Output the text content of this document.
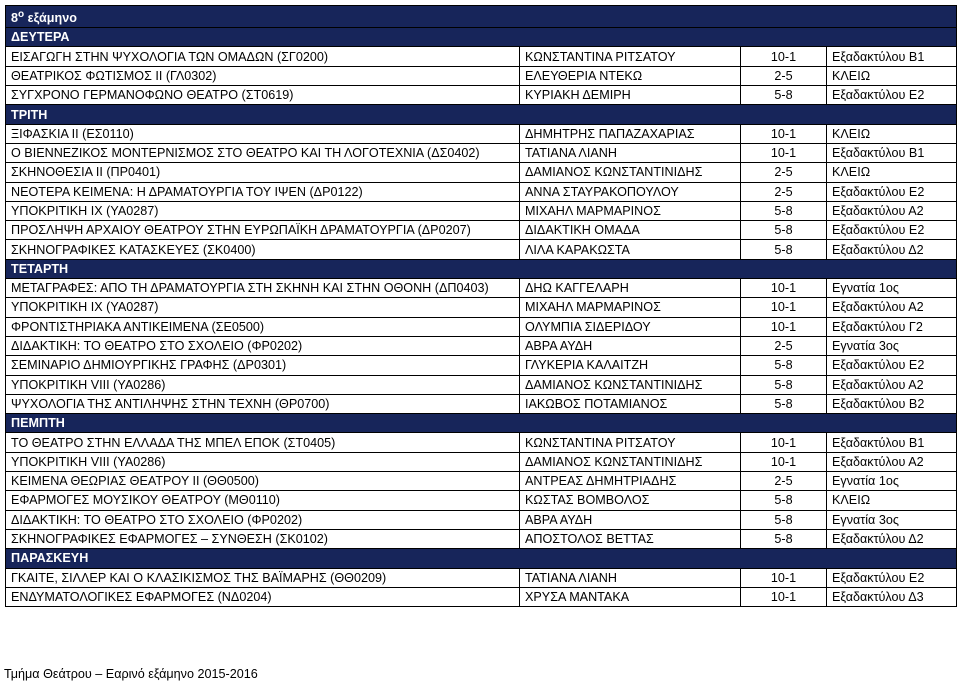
$8^o$ εξάμηνο			
ΔΕΥΤΕΡΑ			
ΕΙΣΑΓΩΓΗ ΣΤΗΝ ΨΥΧΟΛΟΓΙΑ ΤΩΝ ΟΜΑΔΩΝ (ΣΓ0200)	ΚΩΝΣΤΑΝΤΙΝΑ ΡΙΤΣΑΤΟΥ	10-1	Εξαδακτύλου Β1
ΘΕΑΤΡΙΚΟΣ ΦΩΤΙΣΜΟΣ ΙΙ (ΓΛ0302)	ΕΛΕΥΘΕΡΙΑ ΝΤΕΚΩ	2-5	ΚΛΕΙΩ
ΣΥΓΧΡΟΝΟ ΓΕΡΜΑΝΟΦΩΝΟ ΘΕΑΤΡΟ (ΣΤ0619)	ΚΥΡΙΑΚΗ ΔΕΜΙΡΗ	5-8	Εξαδακτύλου Ε2
ΤΡΙΤΗ			
ΞΙΦΑΣΚΙΑ ΙΙ (ΕΣ0110)	ΔΗΜΗΤΡΗΣ ΠΑΠΑΖΑΧΑΡΙΑΣ	10-1	ΚΛΕΙΩ
Ο ΒΙΕΝΝΕΖΙΚΟΣ ΜΟΝΤΕΡΝΙΣΜΟΣ ΣΤΟ ΘΕΑΤΡΟ ΚΑΙ ΤΗ ΛΟΓΟΤΕΧΝΙΑ (ΔΣ0402)	ΤΑΤΙΑΝΑ ΛΙΑΝΗ	10-1	Εξαδακτύλου Β1
ΣΚΗΝΟΘΕΣΙΑ ΙΙ (ΠΡ0401)	ΔΑΜΙΑΝΟΣ ΚΩΝΣΤΑΝΤΙΝΙΔΗΣ	2-5	ΚΛΕΙΩ
ΝΕΟΤΕΡΑ ΚΕΙΜΕΝΑ: Η ΔΡΑΜΑΤΟΥΡΓΙΑ ΤΟΥ ΙΨΕΝ (ΔΡ0122)	ΑΝΝΑ ΣΤΑΥΡΑΚΟΠΟΥΛΟΥ	2-5	Εξαδακτύλου Ε2
ΥΠΟΚΡΙΤΙΚΗ ΙΧ (ΥΑ0287)	ΜΙΧΑΗΛ ΜΑΡΜΑΡΙΝΟΣ	5-8	Εξαδακτύλου Α2
ΠΡΟΣΛΗΨΗ ΑΡΧΑΙΟΥ ΘΕΑΤΡΟΥ ΣΤΗΝ ΕΥΡΩΠΑΪΚΗ ΔΡΑΜΑΤΟΥΡΓΙΑ (ΔΡ0207)	ΔΙΔΑΚΤΙΚΗ ΟΜΑΔΑ	5-8	Εξαδακτύλου Ε2
ΣΚΗΝΟΓΡΑΦΙΚΕΣ ΚΑΤΑΣΚΕΥΕΣ (ΣΚ0400)	ΛΙΛΑ ΚΑΡΑΚΩΣΤΑ	5-8	Εξαδακτύλου Δ2
ΤΕΤΑΡΤΗ			
ΜΕΤΑΓΡΑΦΕΣ: ΑΠΟ ΤΗ ΔΡΑΜΑΤΟΥΡΓΙΑ ΣΤΗ ΣΚΗΝΗ ΚΑΙ ΣΤΗΝ ΟΘΟΝΗ (ΔΠ0403)	ΔΗΩ ΚΑΓΓΕΛΑΡΗ	10-1	Εγνατία 1ος
ΥΠΟΚΡΙΤΙΚΗ ΙΧ (ΥΑ0287)	ΜΙΧΑΗΛ ΜΑΡΜΑΡΙΝΟΣ	10-1	Εξαδακτύλου Α2
ΦΡΟΝΤΙΣΤΗΡΙΑΚΑ ΑΝΤΙΚΕΙΜΕΝΑ (ΣΕ0500)	ΟΛΥΜΠΙΑ ΣΙΔΕΡΙΔΟΥ	10-1	Εξαδακτύλου Γ2
ΔΙΔΑΚΤΙΚΗ: ΤΟ ΘΕΑΤΡΟ ΣΤΟ ΣΧΟΛΕΙΟ (ΦΡ0202)	ΑΒΡΑ ΑΥΔΗ	2-5	Εγνατία 3ος
ΣΕΜΙΝΑΡΙΟ ΔΗΜΙΟΥΡΓΙΚΗΣ ΓΡΑΦΗΣ (ΔΡ0301)	ΓΛΥΚΕΡΙΑ ΚΑΛΑΙΤΖΗ	5-8	Εξαδακτύλου Ε2
ΥΠΟΚΡΙΤΙΚΗ VIII (ΥΑ0286)	ΔΑΜΙΑΝΟΣ ΚΩΝΣΤΑΝΤΙΝΙΔΗΣ	5-8	Εξαδακτύλου Α2
ΨΥΧΟΛΟΓΙΑ ΤΗΣ ΑΝΤΙΛΗΨΗΣ ΣΤΗΝ ΤΕΧΝΗ (ΘΡ0700)	ΙΑΚΩΒΟΣ ΠΟΤΑΜΙΑΝΟΣ	5-8	Εξαδακτύλου Β2
ΠΕΜΠΤΗ			
ΤΟ ΘΕΑΤΡΟ ΣΤΗΝ ΕΛΛΑΔΑ ΤΗΣ ΜΠΕΛ ΕΠΟΚ (ΣΤ0405)	ΚΩΝΣΤΑΝΤΙΝΑ ΡΙΤΣΑΤΟΥ	10-1	Εξαδακτύλου Β1
ΥΠΟΚΡΙΤΙΚΗ VIII (ΥΑ0286)	ΔΑΜΙΑΝΟΣ ΚΩΝΣΤΑΝΤΙΝΙΔΗΣ	10-1	Εξαδακτύλου Α2
ΚΕΙΜΕΝΑ ΘΕΩΡΙΑΣ ΘΕΑΤΡΟΥ ΙΙ (ΘΘ0500)	ΑΝΤΡΕΑΣ ΔΗΜΗΤΡΙΑΔΗΣ	2-5	Εγνατία 1ος
ΕΦΑΡΜΟΓΕΣ ΜΟΥΣΙΚΟΥ ΘΕΑΤΡΟΥ (ΜΘ0110)	ΚΩΣΤΑΣ ΒΟΜΒΟΛΟΣ	5-8	ΚΛΕΙΩ
ΔΙΔΑΚΤΙΚΗ: ΤΟ ΘΕΑΤΡΟ ΣΤΟ ΣΧΟΛΕΙΟ (ΦΡ0202)	ΑΒΡΑ ΑΥΔΗ	5-8	Εγνατία 3ος
ΣΚΗΝΟΓΡΑΦΙΚΕΣ ΕΦΑΡΜΟΓΕΣ – ΣΥΝΘΕΣΗ (ΣΚ0102)	ΑΠΟΣΤΟΛΟΣ ΒΕΤΤΑΣ	5-8	Εξαδακτύλου Δ2
ΠΑΡΑΣΚΕΥΗ			
ΓΚΑΙΤΕ, ΣΙΛΛΕΡ ΚΑΙ Ο ΚΛΑΣΙΚΙΣΜΟΣ ΤΗΣ ΒΑΪΜΑΡΗΣ (ΘΘ0209)	ΤΑΤΙΑΝΑ ΛΙΑΝΗ	10-1	Εξαδακτύλου Ε2
ΕΝΔΥΜΑΤΟΛΟΓΙΚΕΣ ΕΦΑΡΜΟΓΕΣ (ΝΔ0204)	ΧΡΥΣΑ ΜΑΝΤΑΚΑ	10-1	Εξαδακτύλου Δ3
Τμήμα Θεάτρου – Εαρινό εξάμηνο 2015-2016
